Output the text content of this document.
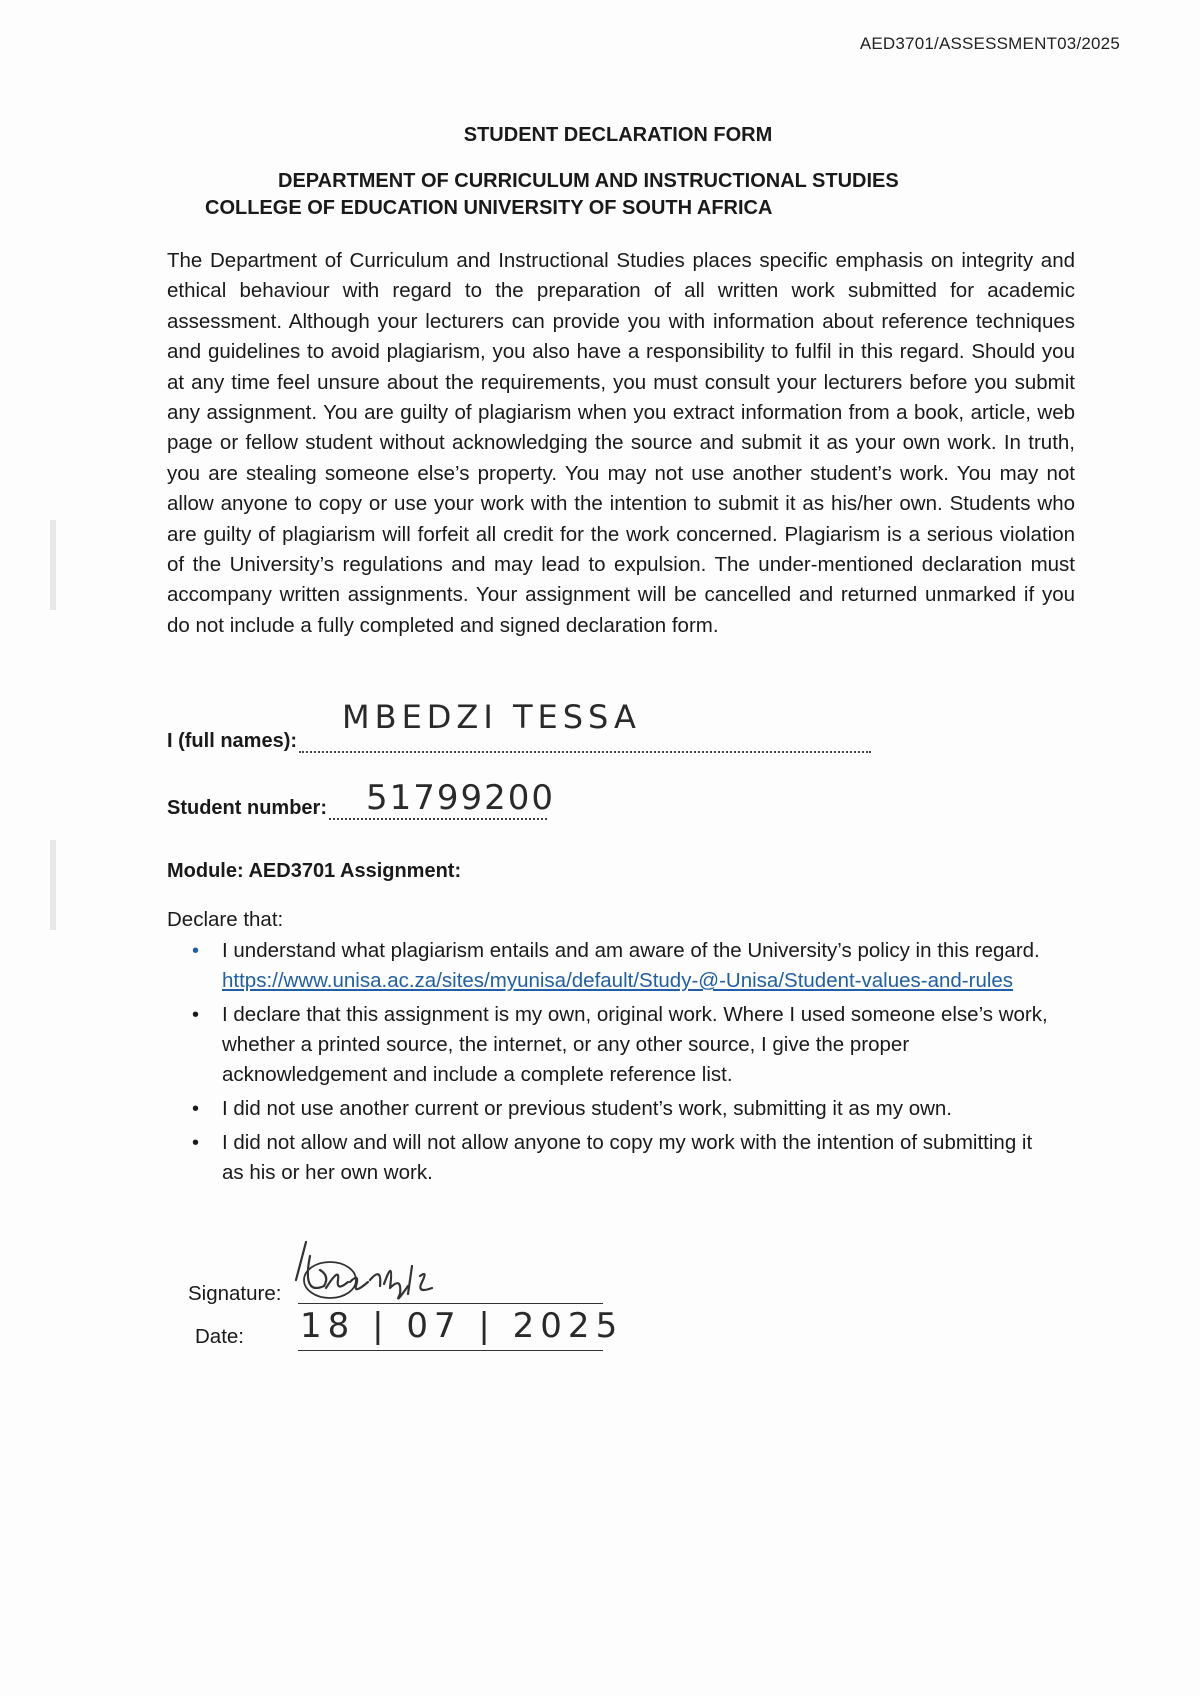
AED3701/ASSESSMENT03/2025
STUDENT DECLARATION FORM
DEPARTMENT OF CURRICULUM AND INSTRUCTIONAL STUDIES
COLLEGE OF EDUCATION UNIVERSITY OF SOUTH AFRICA

The Department of Curriculum and Instructional Studies places specific emphasis on integrity and ethical behaviour with regard to the preparation of all written work submitted for academic assessment. Although your lecturers can provide you with information about reference techniques and guidelines to avoid plagiarism, you also have a responsibility to fulfil in this regard. Should you at any time feel unsure about the requirements, you must consult your lecturers before you submit any assignment. You are guilty of plagiarism when you extract information from a book, article, web page or fellow student without acknowledging the source and submit it as your own work. In truth, you are stealing someone else’s property. You may not use another student’s work. You may not allow anyone to copy or use your work with the intention to submit it as his/her own. Students who are guilty of plagiarism will forfeit all credit for the work concerned. Plagiarism is a serious violation of the University’s regulations and may lead to expulsion. The under-mentioned declaration must accompany written assignments. Your assignment will be cancelled and returned unmarked if you do not include a fully completed and signed declaration form.

I (full names):
MBEDZI TESSA
Student number: 51799200

Module: AED3701 Assignment:

Declare that:

• I understand what plagiarism entails and am aware of the University’s policy in this regard. https://www.unisa.ac.za/sites/myunisa/default/Study-@-Unisa/Student-values-and-rules
• I declare that this assignment is my own, original work. Where I used someone else’s work, whether a printed source, the internet, or any other source, I give the proper acknowledgement and include a complete reference list.
• I did not use another current or previous student’s work, submitting it as my own.
• I did not allow and will not allow anyone to copy my work with the intention of submitting it as his or her own work.

Signature:

Date: 18 | 07 | 2025
